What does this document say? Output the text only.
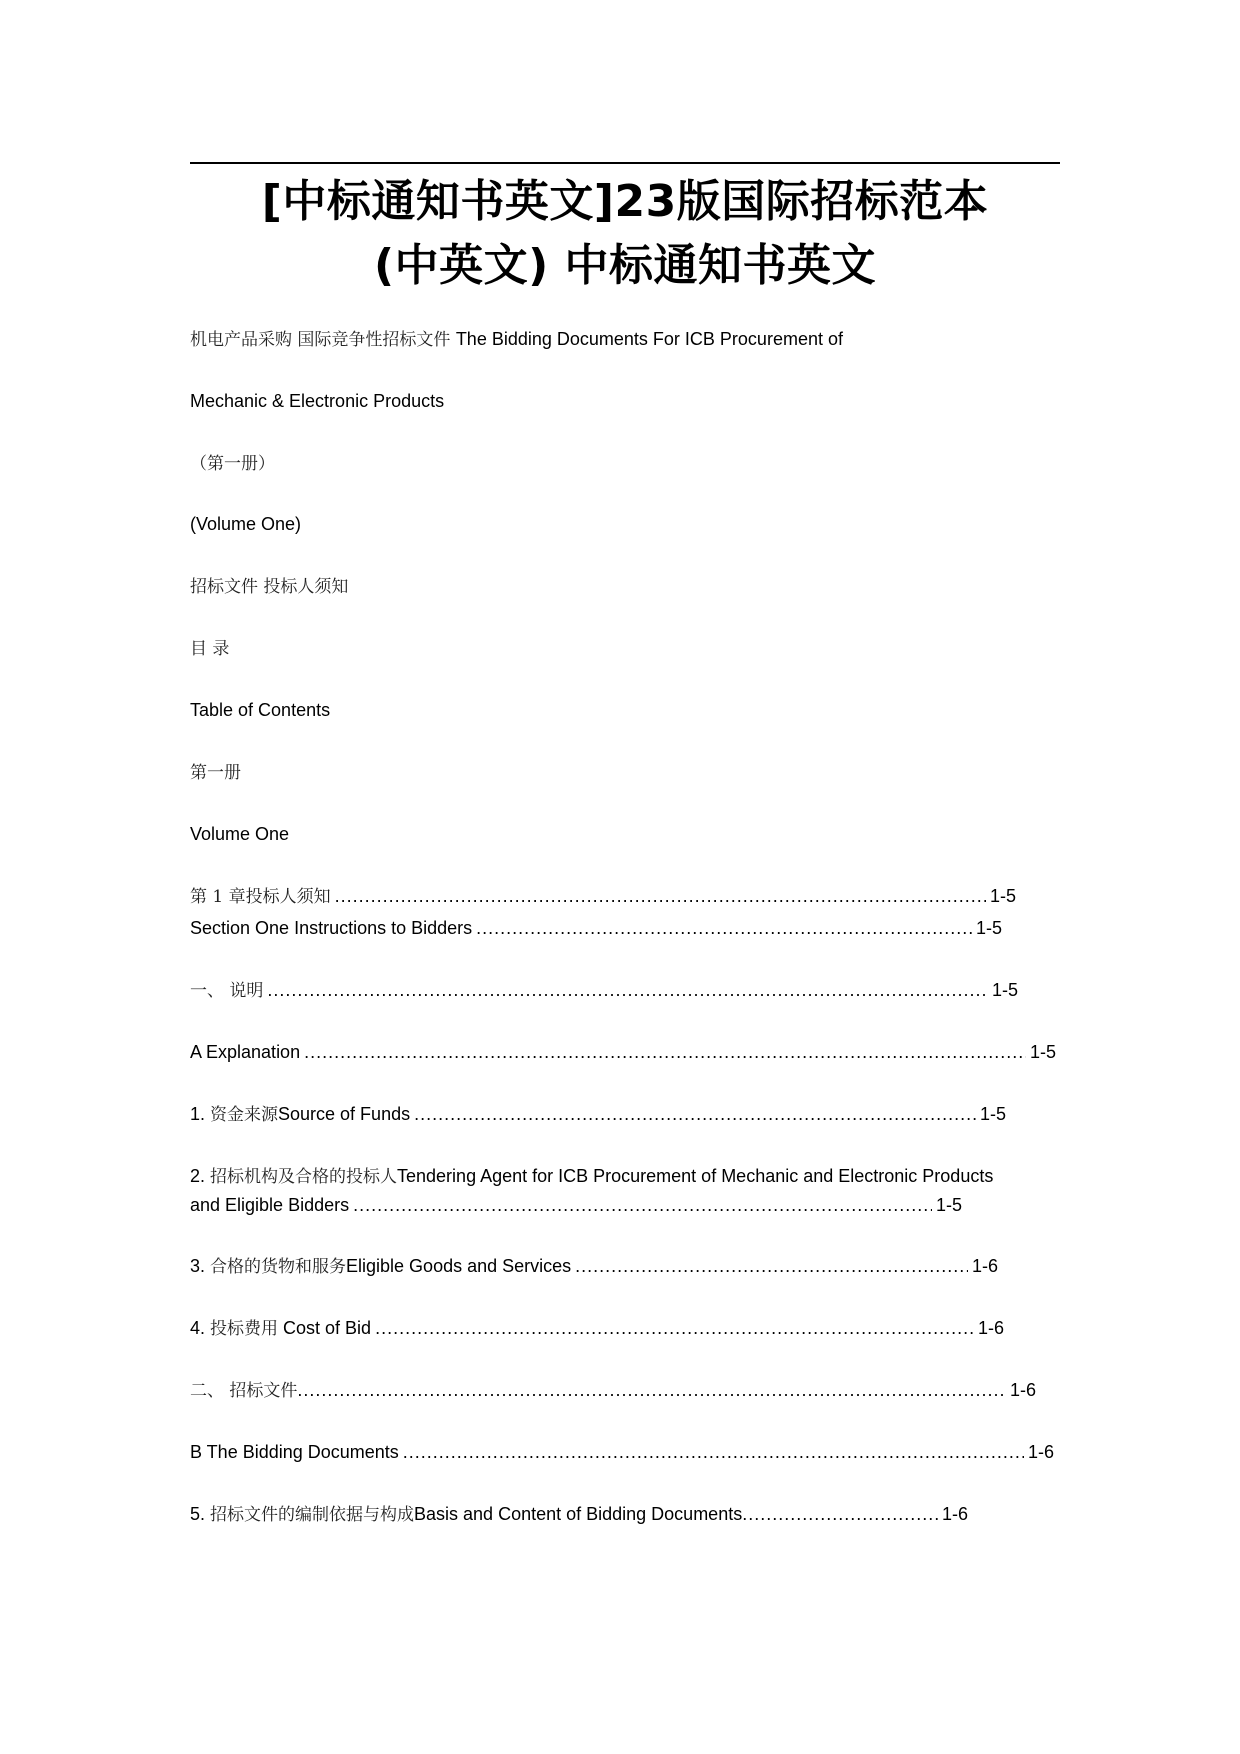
[中标通知书英文]23版国际招标范本
(中英文) 中标通知书英文

机电产品采购 国际竞争性招标文件 The Bidding Documents For ICB Procurement of

Mechanic & Electronic Products

（第一册）

(Volume One)

招标文件 投标人须知

目 录

Table of Contents

第一册

Volume One

第 1 章投标人须知 .....	1-5
Section One Instructions to Bidders .....	1-5
一、 说明 .....	1-5
A Explanation .....	1-5
1. 资金来源Source of Funds .....	1-5
2. 招标机构及合格的投标人Tendering Agent for ICB Procurement of Mechanic and Electronic Products
and Eligible Bidders .....	1-5
3. 合格的货物和服务Eligible Goods and Services .....	1-6
4. 投标费用 Cost of Bid .....	1-6
二、 招标文件 .....	1-6
B The Bidding Documents .....	1-6
5. 招标文件的编制依据与构成Basis and Content of Bidding Documents .....	1-6
